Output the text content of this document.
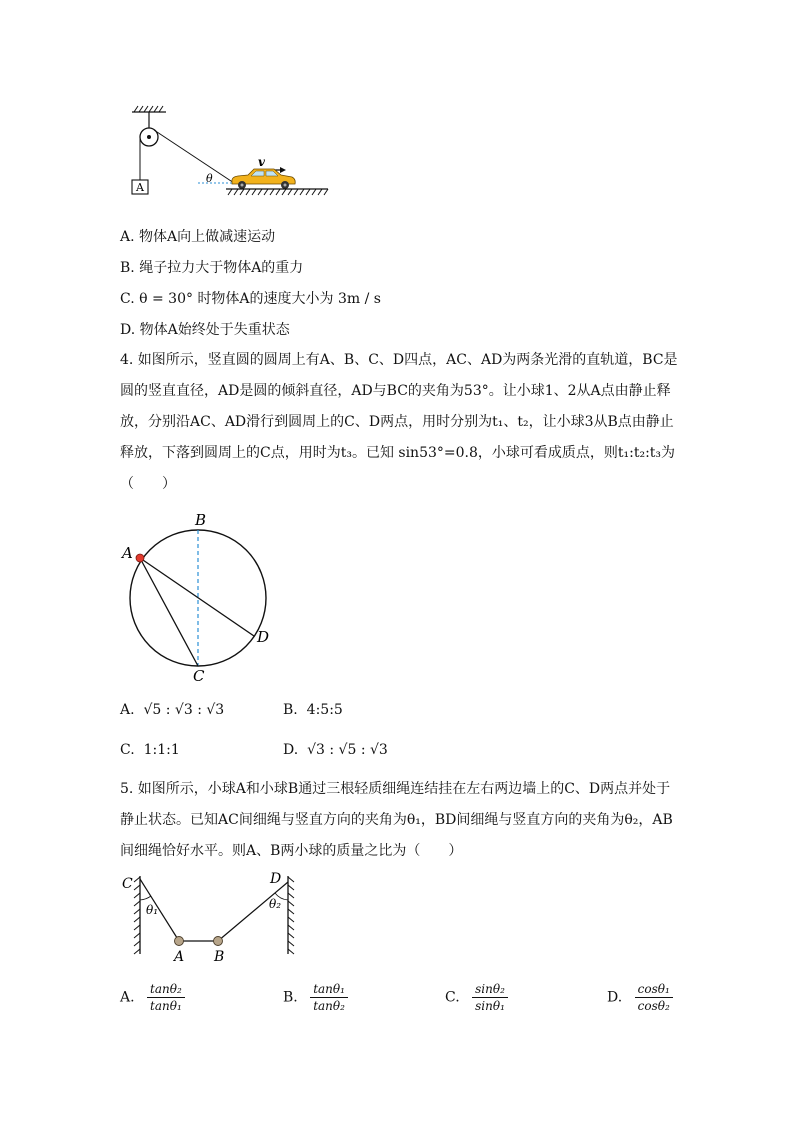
A
θ
v
A. 物体A向上做减速运动
B. 绳子拉力大于物体A的重力
C. θ = 30° 时物体A的速度大小为 3m / s
D. 物体A始终处于失重状态
4. 如图所示，竖直圆的圆周上有A、B、C、D四点，AC、AD为两条光滑的直轨道，BC是圆的竖直直径，AD是圆的倾斜直径，AD与BC的夹角为53°。让小球1、2从A点由静止释放，分别沿AC、AD滑行到圆周上的C、D两点，用时分别为t₁、t₂，让小球3从B点由静止释放，下落到圆周上的C点，用时为t₃。已知 sin53°=0.8，小球可看成质点，则t₁:t₂:t₃为（　　）
A
B
C
D
A. √5 : √3 : √3	B. 4:5:5
C. 1:1:1	D. √3 : √5 : √3
5. 如图所示，小球A和小球B通过三根轻质细绳连结挂在左右两边墙上的C、D两点并处于静止状态。已知AC间细绳与竖直方向的夹角为θ₁，BD间细绳与竖直方向的夹角为θ₂，AB间细绳恰好水平。则A、B两小球的质量之比为（　　）
C	D
θ₁	θ₂
A B
A. $\frac{\text{tanθ₂}}{\text{tanθ₁}}$	B. $\frac{\text{tanθ₁}}{\text{tanθ₂}}$	C. $\frac{\text{sinθ₂}}{\text{sinθ₁}}$	D. $\frac{\text{cosθ₁}}{\text{cosθ₂}}$
